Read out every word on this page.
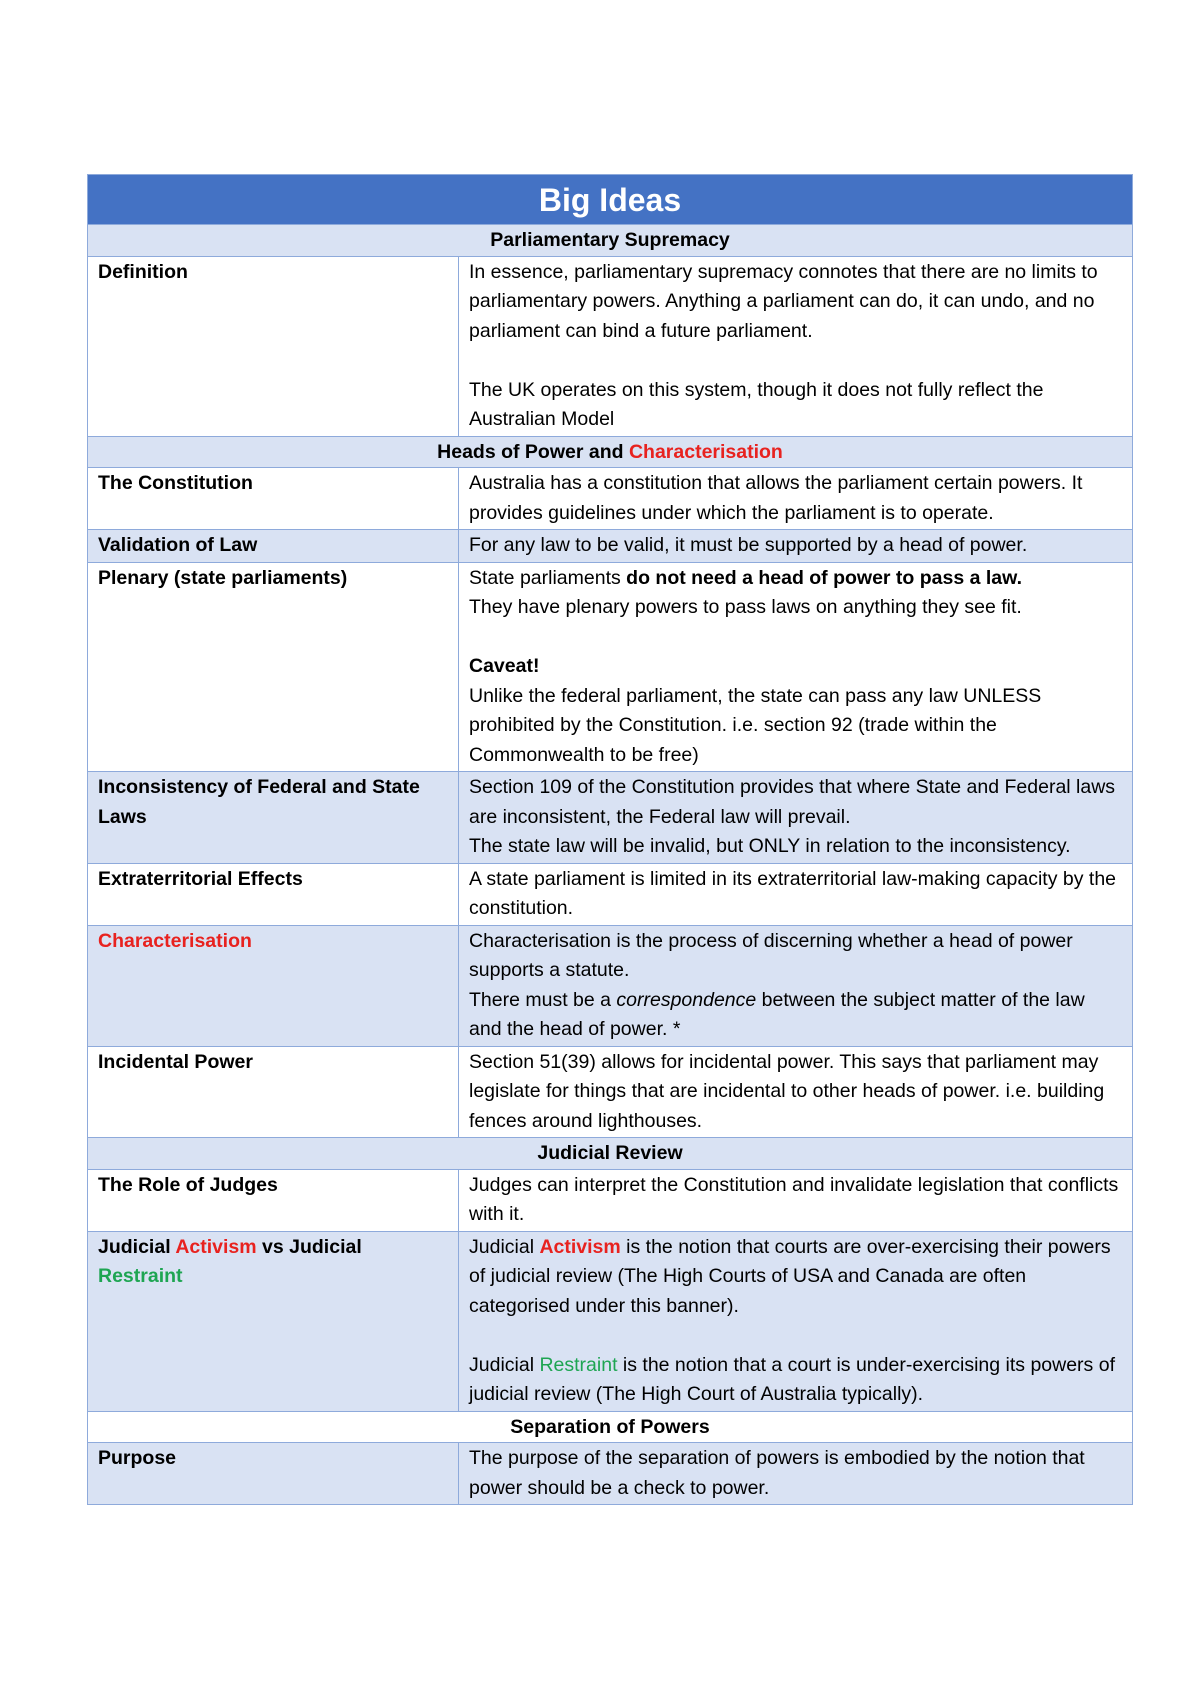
Big Ideas	
Parliamentary Supremacy	
Definition	In essence, parliamentary supremacy connotes that there are no limits to parliamentary powers. Anything a parliament can do, it can undo, and no parliament can bind a future parliament.

The UK operates on this system, though it does not fully reflect the Australian Model

Heads of Power and Characterisation	
The Constitution	Australia has a constitution that allows the parliament certain powers. It provides guidelines under which the parliament is to operate.
Validation of Law	For any law to be valid, it must be supported by a head of power.
Plenary (state parliaments)	State parliaments do not need a head of power to pass a law.

They have plenary powers to pass laws on anything they see fit.

Caveat!

Unlike the federal parliament, the state can pass any law UNLESS prohibited by the Constitution. i.e. section 92 (trade within the Commonwealth to be free)

Inconsistency of Federal and State Laws	Section 109 of the Constitution provides that where State and Federal laws are inconsistent, the Federal law will prevail.

The state law will be invalid, but ONLY in relation to the inconsistency.

Extraterritorial Effects	A state parliament is limited in its extraterritorial law-making capacity by the constitution.
Characterisation	Characterisation is the process of discerning whether a head of power supports a statute.

There must be a correspondence between the subject matter of the law and the head of power. *

Incidental Power	Section 51(39) allows for incidental power. This says that parliament may legislate for things that are incidental to other heads of power. i.e. building fences around lighthouses.
Judicial Review	
The Role of Judges	Judges can interpret the Constitution and invalidate legislation that conflicts with it.
Judicial Activism vs Judicial Restraint	Judicial Activism is the notion that courts are over-exercising their powers of judicial review (The High Courts of USA and Canada are often categorised under this banner).

Judicial Restraint is the notion that a court is under-exercising its powers of judicial review (The High Court of Australia typically).

Separation of Powers	
Purpose	The purpose of the separation of powers is embodied by the notion that power should be a check to power.
